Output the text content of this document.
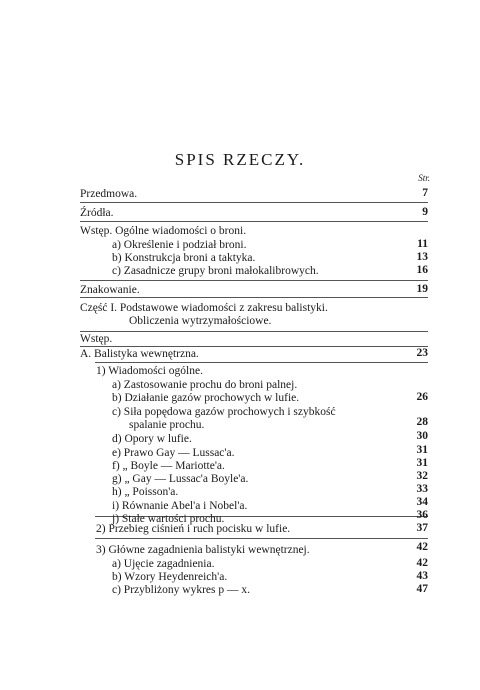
SPIS RZECZY.
Str.
Przedmowa.	7
Źródła.	9
Wstęp. Ogólne wiadomości o broni.
a) Określenie i podział broni.	11
b) Konstrukcja broni a taktyka.	13
c) Zasadnicze grupy broni małokalibrowych.	16
Znakowanie.	19
Część I. Podstawowe wiadomości z zakresu balistyki.
Obliczenia wytrzymałościowe.
Wstęp.
A. Balistyka wewnętrzna.	23
1) Wiadomości ogólne.
a) Zastosowanie prochu do broni palnej.
b) Działanie gazów prochowych w lufie.	26
c) Siła popędowa gazów prochowych i szybkość
spalanie prochu.	28
d) Opory w lufie.	30
e) Prawo Gay — Lussac'a.	31
f) „ Boyle — Mariotte'a.	31
g) „ Gay — Lussac'a Boyle'a.	32
h) „ Poisson'a.	33
i) Równanie Abel'a i Nobel'a.	34
j) Stałe wartości prochu.	36
2) Przebieg ciśnień i ruch pocisku w lufie.	37
3) Główne zagadnienia balistyki wewnętrznej.	42
a) Ujęcie zagadnienia.	42
b) Wzory Heydenreich'a.	43
c) Przybliżony wykres p — x.	47
